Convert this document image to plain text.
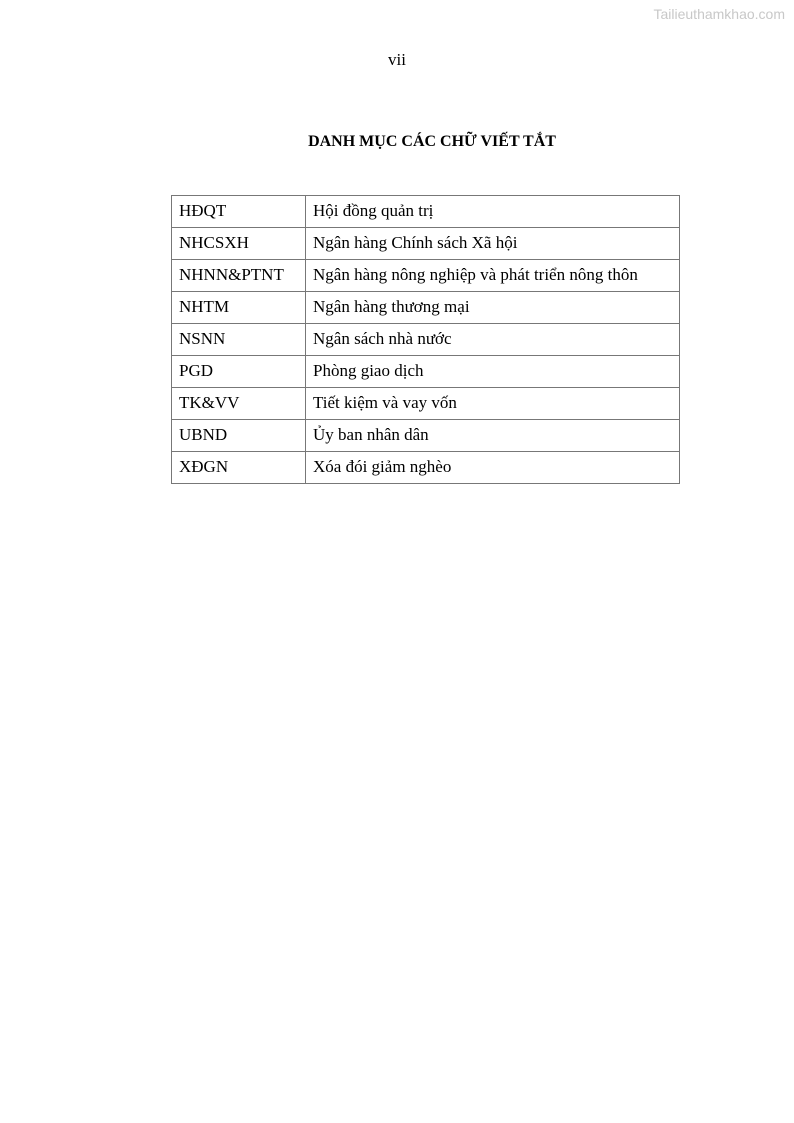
Tailieuthamkhao.com
vii
DANH MỤC CÁC CHỮ VIẾT TẮT
HĐQT	Hội đồng quản trị
NHCSXH	Ngân hàng Chính sách Xã hội
NHNN&PTNT	Ngân hàng nông nghiệp và phát triển nông thôn
NHTM	Ngân hàng thương mại
NSNN	Ngân sách nhà nước
PGD	Phòng giao dịch
TK&VV	Tiết kiệm và vay vốn
UBND	Ủy ban nhân dân
XĐGN	Xóa đói giảm nghèo
